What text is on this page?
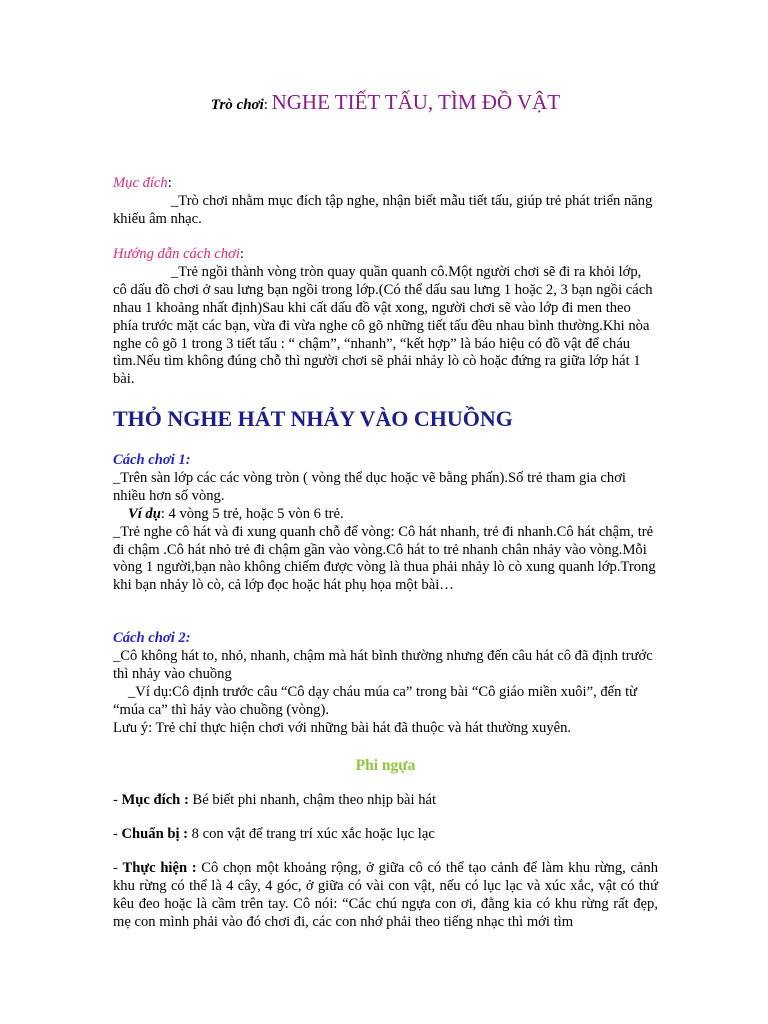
Trò chơi: NGHE TIẾT TẤU, TÌM ĐỒ VẬT

Mục đích:

_Trò chơi nhằm mục đích tập nghe, nhận biết mẫu tiết tấu, giúp trẻ phát triển năng khiếu âm nhạc.

Hướng dẫn cách chơi:

_Trẻ ngồi thành vòng tròn quay quần quanh cô.Một người chơi sẽ đi ra khỏi lớp, cô dấu đồ chơi ở sau lưng bạn ngồi trong lớp.(Có thể dấu sau lưng 1 hoặc 2, 3 bạn ngồi cách nhau 1 khoảng nhất định)Sau khi cất dấu đồ vật xong, người chơi sẽ vào lớp đi men theo phía trước mặt các bạn, vừa đi vừa nghe cô gõ những tiết tấu đều nhau bình thường.Khi nòa nghe cô gõ 1 trong 3 tiết tấu : “ chậm”, “nhanh”, “kết hợp” là báo hiệu có đồ vật để cháu tìm.Nếu tìm không đúng chỗ thì người chơi sẽ phải nhảy lò cò hoặc đứng ra giữa lớp hát 1 bài.

THỎ NGHE HÁT NHẢY VÀO CHUỒNG

Cách chơi 1:

_Trên sàn lớp các các vòng tròn ( vòng thể dục hoặc vẽ bằng phấn).Số trẻ tham gia chơi nhiều hơn số vòng.

Ví dụ: 4 vòng 5 trẻ, hoặc 5 vòn 6 trẻ.

_Trẻ nghe cô hát và đi xung quanh chỗ để vòng: Cô hát nhanh, trẻ đi nhanh.Cô hát chậm, trẻ đi chậm .Cô hát nhỏ trẻ đi chậm gần vào vòng.Cô hát to trẻ nhanh chân nhảy vào vòng.Mỗi vòng 1 người,bạn nào không chiếm được vòng là thua phải nhảy lò cò xung quanh lớp.Trong khi bạn nhảy lò cò, cả lớp đọc hoặc hát phụ họa một bài…

Cách chơi 2:

_Cô không hát to, nhỏ, nhanh, chậm mà hát bình thường nhưng đến câu hát cô đã định trước thì nhảy vào chuồng

_Ví dụ:Cô định trước câu “Cô dạy cháu múa ca” trong bài “Cô giáo miền xuôi”, đến từ “múa ca” thì hảy vào chuồng (vòng).

Lưu ý: Trẻ chỉ thực hiện chơi với những bài hát đã thuộc và hát thường xuyên.

Phi ngựa

- Mục đích : Bé biết phi nhanh, chậm theo nhịp bài hát

- Chuẩn bị : 8 con vật để trang trí xúc xắc hoặc lục lạc

- Thực hiện : Cô chọn một khoảng rộng, ở giữa cô có thể tạo cảnh để làm khu rừng, cảnh khu rừng có thể là 4 cây, 4 góc, ở giữa có vài con vật, nếu có lục lạc và xúc xắc, vật có thứ kêu đeo hoặc là cầm trên tay. Cô nói: “Các chú ngựa con ơi, đằng kia có khu rừng rất đẹp, mẹ con mình phải vào đó chơi đi, các con nhớ phải theo tiếng nhạc thì mới tìm
